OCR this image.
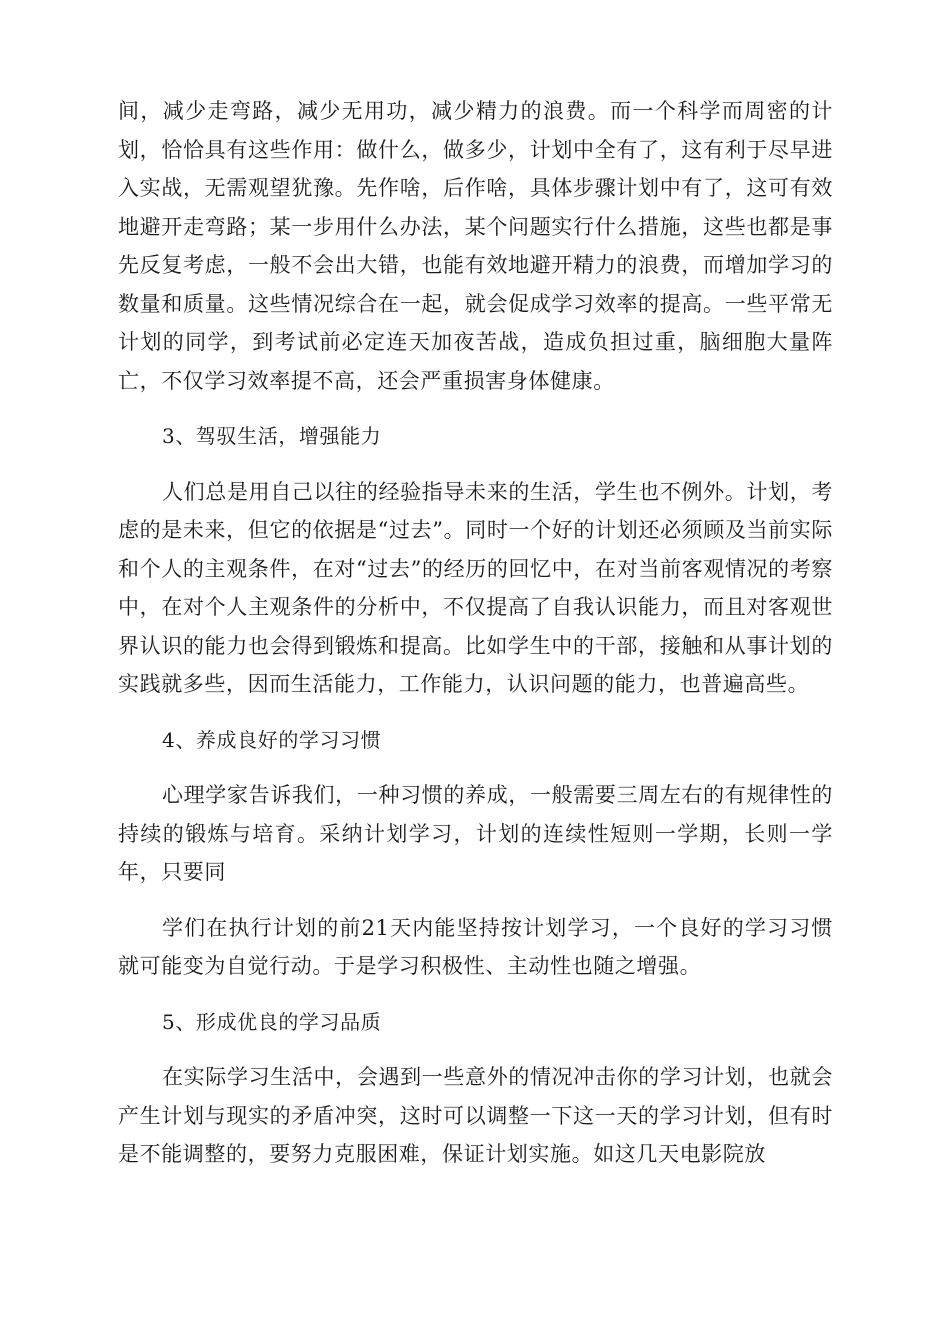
间，减少走弯路，减少无用功，减少精力的浪费。而一个科学而周密的计划，恰恰具有这些作用：做什么，做多少，计划中全有了，这有利于尽早进入实战，无需观望犹豫。先作啥，后作啥，具体步骤计划中有了，这可有效地避开走弯路；某一步用什么办法，某个问题实行什么措施，这些也都是事先反复考虑，一般不会出大错，也能有效地避开精力的浪费，而增加学习的数量和质量。这些情况综合在一起，就会促成学习效率的提高。一些平常无计划的同学，到考试前必定连天加夜苦战，造成负担过重，脑细胞大量阵亡，不仅学习效率提不高，还会严重损害身体健康。

3、驾驭生活，增强能力

人们总是用自己以往的经验指导未来的生活，学生也不例外。计划，考虑的是未来，但它的依据是“过去”。同时一个好的计划还必须顾及当前实际和个人的主观条件，在对“过去”的经历的回忆中，在对当前客观情况的考察中，在对个人主观条件的分析中，不仅提高了自我认识能力，而且对客观世界认识的能力也会得到锻炼和提高。比如学生中的干部，接触和从事计划的实践就多些，因而生活能力，工作能力，认识问题的能力，也普遍高些。

4、养成良好的学习习惯

心理学家告诉我们，一种习惯的养成，一般需要三周左右的有规律性的持续的锻炼与培育。采纳计划学习，计划的连续性短则一学期，长则一学年，只要同

学们在执行计划的前21天内能坚持按计划学习，一个良好的学习习惯就可能变为自觉行动。于是学习积极性、主动性也随之增强。

5、形成优良的学习品质

在实际学习生活中，会遇到一些意外的情况冲击你的学习计划，也就会产生计划与现实的矛盾冲突，这时可以调整一下这一天的学习计划，但有时是不能调整的，要努力克服困难，保证计划实施。如这几天电影院放
